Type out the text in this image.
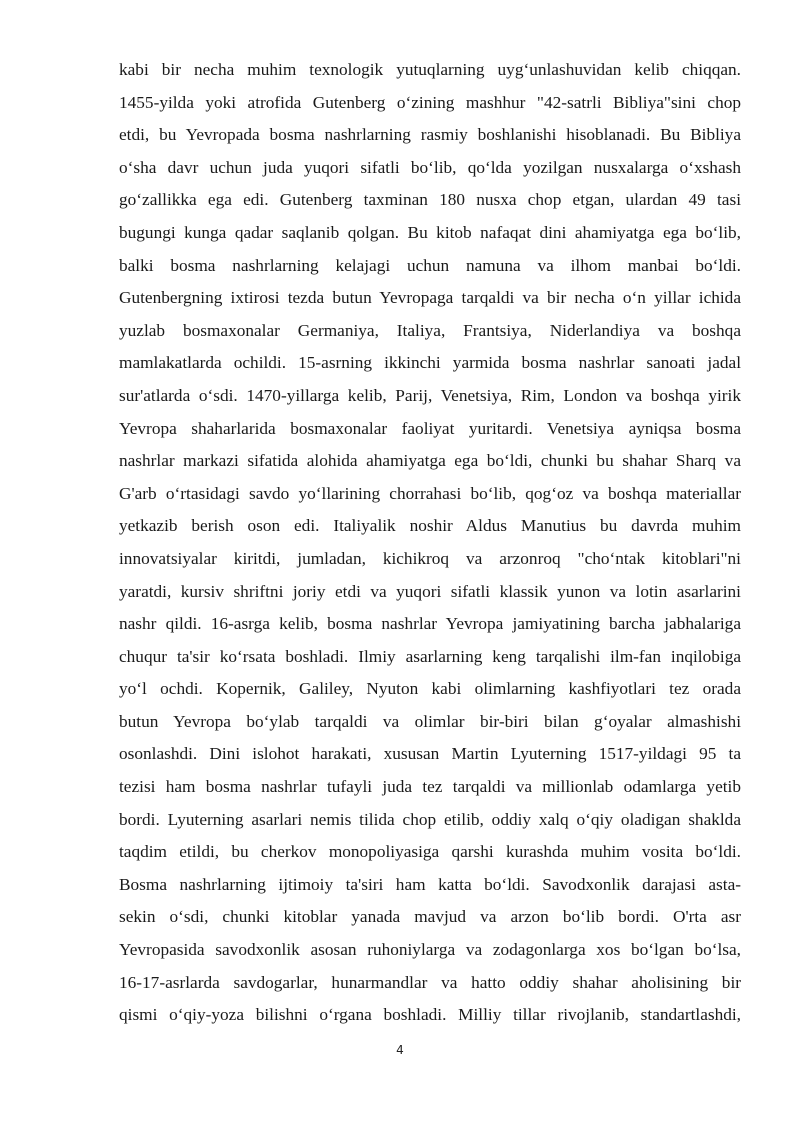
kabi bir necha muhim texnologik yutuqlarning uyg‘unlashuvidan kelib chiqqan.
1455-yilda yoki atrofida Gutenberg o‘zining mashhur "42-satrli Bibliya"sini chop
etdi, bu Yevropada bosma nashrlarning rasmiy boshlanishi hisoblanadi. Bu Bibliya
o‘sha davr uchun juda yuqori sifatli bo‘lib, qo‘lda yozilgan nusxalarga o‘xshash
go‘zallikka ega edi. Gutenberg taxminan 180 nusxa chop etgan, ulardan 49 tasi
bugungi kunga qadar saqlanib qolgan. Bu kitob nafaqat dini ahamiyatga ega bo‘lib,
balki bosma nashrlarning kelajagi uchun namuna va ilhom manbai bo‘ldi.
Gutenbergning ixtirosi tezda butun Yevropaga tarqaldi va bir necha o‘n yillar ichida
yuzlab bosmaxonalar Germaniya, Italiya, Frantsiya, Niderlandiya va boshqa
mamlakatlarda ochildi. 15-asrning ikkinchi yarmida bosma nashrlar sanoati jadal
sur'atlarda o‘sdi. 1470-yillarga kelib, Parij, Venetsiya, Rim, London va boshqa yirik
Yevropa shaharlarida bosmaxonalar faoliyat yuritardi. Venetsiya ayniqsa bosma
nashrlar markazi sifatida alohida ahamiyatga ega bo‘ldi, chunki bu shahar Sharq va
G'arb o‘rtasidagi savdo yo‘llarining chorrahasi bo‘lib, qog‘oz va boshqa materiallar
yetkazib berish oson edi. Italiyalik noshir Aldus Manutius bu davrda muhim
innovatsiyalar kiritdi, jumladan, kichikroq va arzonroq "cho‘ntak kitoblari"ni
yaratdi, kursiv shriftni joriy etdi va yuqori sifatli klassik yunon va lotin asarlarini
nashr qildi. 16-asrga kelib, bosma nashrlar Yevropa jamiyatining barcha jabhalariga
chuqur ta'sir ko‘rsata boshladi. Ilmiy asarlarning keng tarqalishi ilm-fan inqilobiga
yo‘l ochdi. Kopernik, Galiley, Nyuton kabi olimlarning kashfiyotlari tez orada
butun Yevropa bo‘ylab tarqaldi va olimlar bir-biri bilan g‘oyalar almashishi
osonlashdi. Dini islohot harakati, xususan Martin Lyuterning 1517-yildagi 95 ta
tezisi ham bosma nashrlar tufayli juda tez tarqaldi va millionlab odamlarga yetib
bordi. Lyuterning asarlari nemis tilida chop etilib, oddiy xalq o‘qiy oladigan shaklda
taqdim etildi, bu cherkov monopoliyasiga qarshi kurashda muhim vosita bo‘ldi.
Bosma nashrlarning ijtimoiy ta'siri ham katta bo‘ldi. Savodxonlik darajasi asta-
sekin o‘sdi, chunki kitoblar yanada mavjud va arzon bo‘lib bordi. O'rta asr
Yevropasida savodxonlik asosan ruhoniylarga va zodagonlarga xos bo‘lgan bo‘lsa,
16-17-asrlarda savdogarlar, hunarmandlar va hatto oddiy shahar aholisining bir
qismi o‘qiy-yoza bilishni o‘rgana boshladi. Milliy tillar rivojlanib, standartlashdi,
4
